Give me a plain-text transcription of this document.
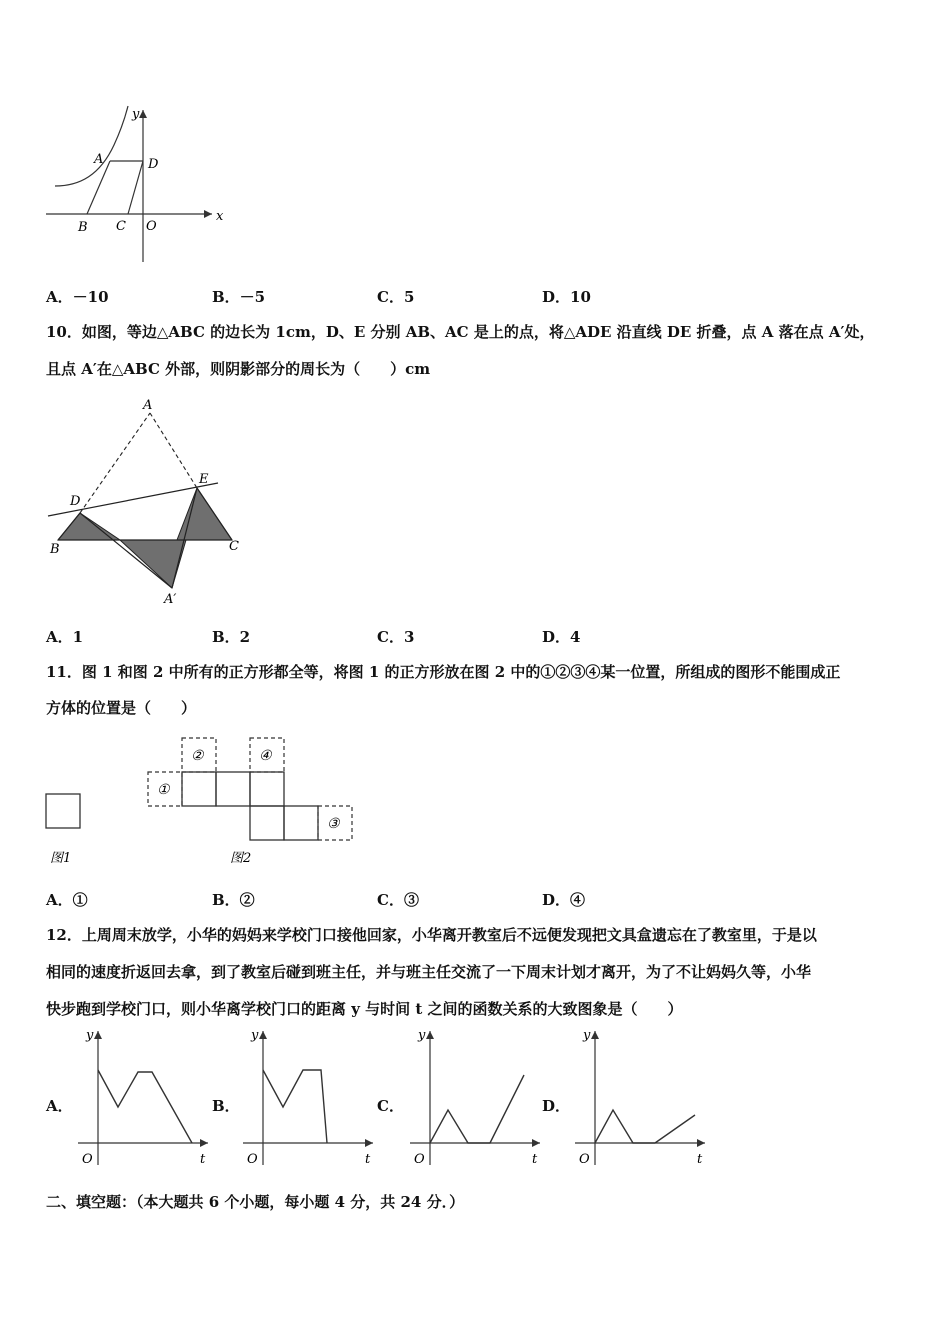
y
x
A	D
B C O
A．－10	B．－5	C．5	D．10
10．如图，等边△ABC 的边长为 1cm，D、E 分别 AB、AC 是上的点，将△ADE 沿直线 DE 折叠，点 A 落在点 A′处，
且点 A′在△ABC 外部，则阴影部分的周长为（　　）cm
A
D
E
B	C
A′
A．1	B．2	C．3	D．4
11．图 1 和图 2 中所有的正方形都全等，将图 1 的正方形放在图 2 中的①②③④某一位置，所组成的图形不能围成正
方体的位置是（　　）
图1
①
②	④
③
图2
A．①	B．②	C．③	D．④
12．上周周末放学，小华的妈妈来学校门口接他回家，小华离开教室后不远便发现把文具盒遗忘在了教室里，于是以
相同的速度折返回去拿，到了教室后碰到班主任，并与班主任交流了一下周末计划才离开，为了不让妈妈久等，小华
快步跑到学校门口，则小华离学校门口的距离 y 与时间 t 之间的函数关系的大致图象是（　　）
A．
y
t
O
B．
y
t
O
C．
y
t
O
D．
y
t
O
二、填空题：（本大题共 6 个小题，每小题 4 分，共 24 分．）
